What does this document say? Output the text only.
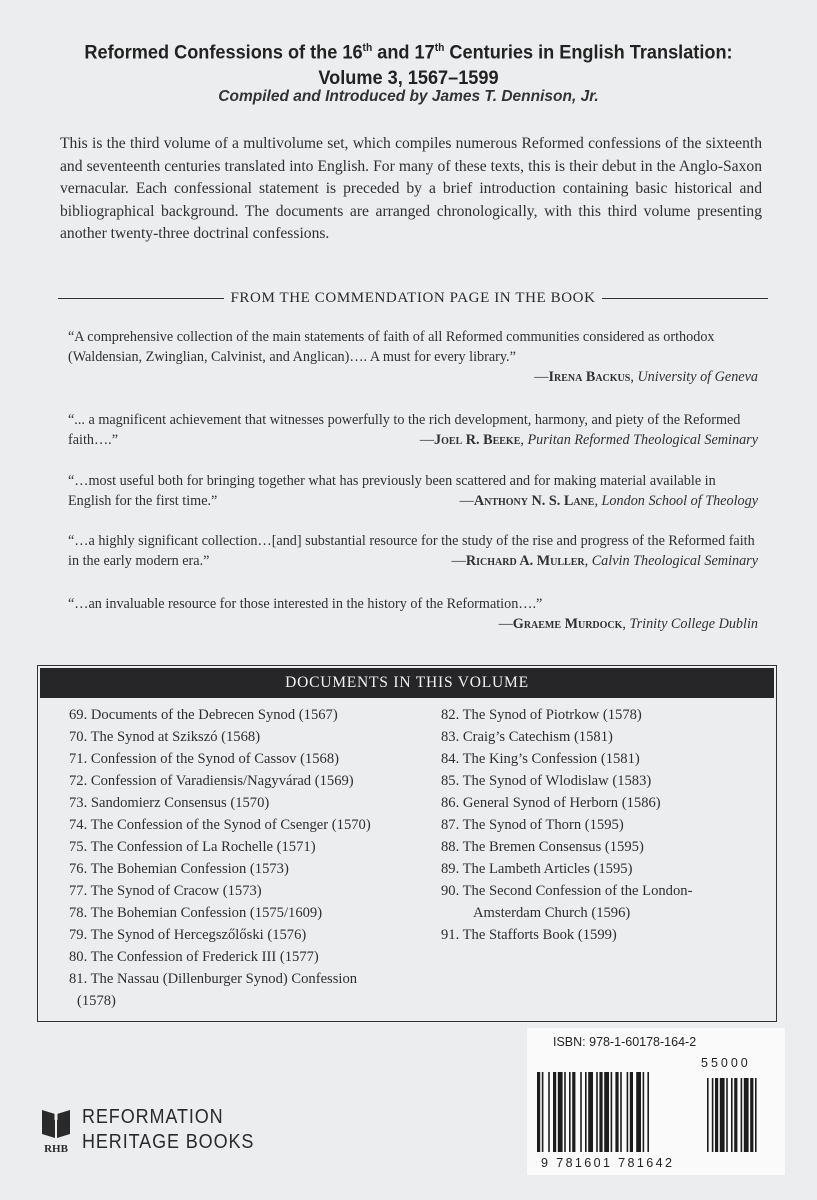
Reformed Confessions of the 16th and 17th Centuries in English Translation:
Volume 3, 1567–1599
Compiled and Introduced by James T. Dennison, Jr.
This is the third volume of a multivolume set, which compiles numerous Reformed confessions of the sixteenth and seventeenth centuries translated into English. For many of these texts, this is their debut in the Anglo-Saxon vernacular. Each confessional statement is preceded by a brief introduction containing basic historical and bibliographical background. The documents are arranged chronologically, with this third volume presenting another twenty-three doctrinal confessions.
FROM THE COMMENDATION PAGE IN THE BOOK
“A comprehensive collection of the main statements of faith of all Reformed communities considered as orthodox (Waldensian, Zwinglian, Calvinist, and Anglican)…. A must for every library.”
—Irena Backus, University of Geneva
“... a magnificent achievement that witnesses powerfully to the rich development, harmony, and piety of the Reformed faith….”	—Joel R. Beeke, Puritan Reformed Theological Seminary
“…most useful both for bringing together what has previously been scattered and for making material available in English for the first time.”	—Anthony N. S. Lane, London School of Theology
“…a highly significant collection…[and] substantial resource for the study of the rise and progress of the Reformed faith in the early modern era.”	—Richard A. Muller, Calvin Theological Seminary
“…an invaluable resource for those interested in the history of the Reformation….”
—Graeme Murdock, Trinity College Dublin
DOCUMENTS IN THIS VOLUME
69. Documents of the Debrecen Synod (1567)
70. The Synod at Szikszó (1568)
71. Confession of the Synod of Cassov (1568)
72. Confession of Varadiensis/Nagyvárad (1569)
73. Sandomierz Consensus (1570)
74. The Confession of the Synod of Csenger (1570)
75. The Confession of La Rochelle (1571)
76. The Bohemian Confession (1573)
77. The Synod of Cracow (1573)
78. The Bohemian Confession (1575/1609)
79. The Synod of Hercegszőlőski (1576)
80. The Confession of Frederick III (1577)
81. The Nassau (Dillenburger Synod) Confession
(1578)
82. The Synod of Piotrkow (1578)
83. Craig’s Catechism (1581)
84. The King’s Confession (1581)
85. The Synod of Wlodislaw (1583)
86. General Synod of Herborn (1586)
87. The Synod of Thorn (1595)
88. The Bremen Consensus (1595)
89. The Lambeth Articles (1595)
90. The Second Confession of the London-
Amsterdam Church (1596)
91. The Stafforts Book (1599)
RHB
REFORMATION
HERITAGE BOOKS
ISBN: 978-1-60178-164-2
55000
9 781601 781642
